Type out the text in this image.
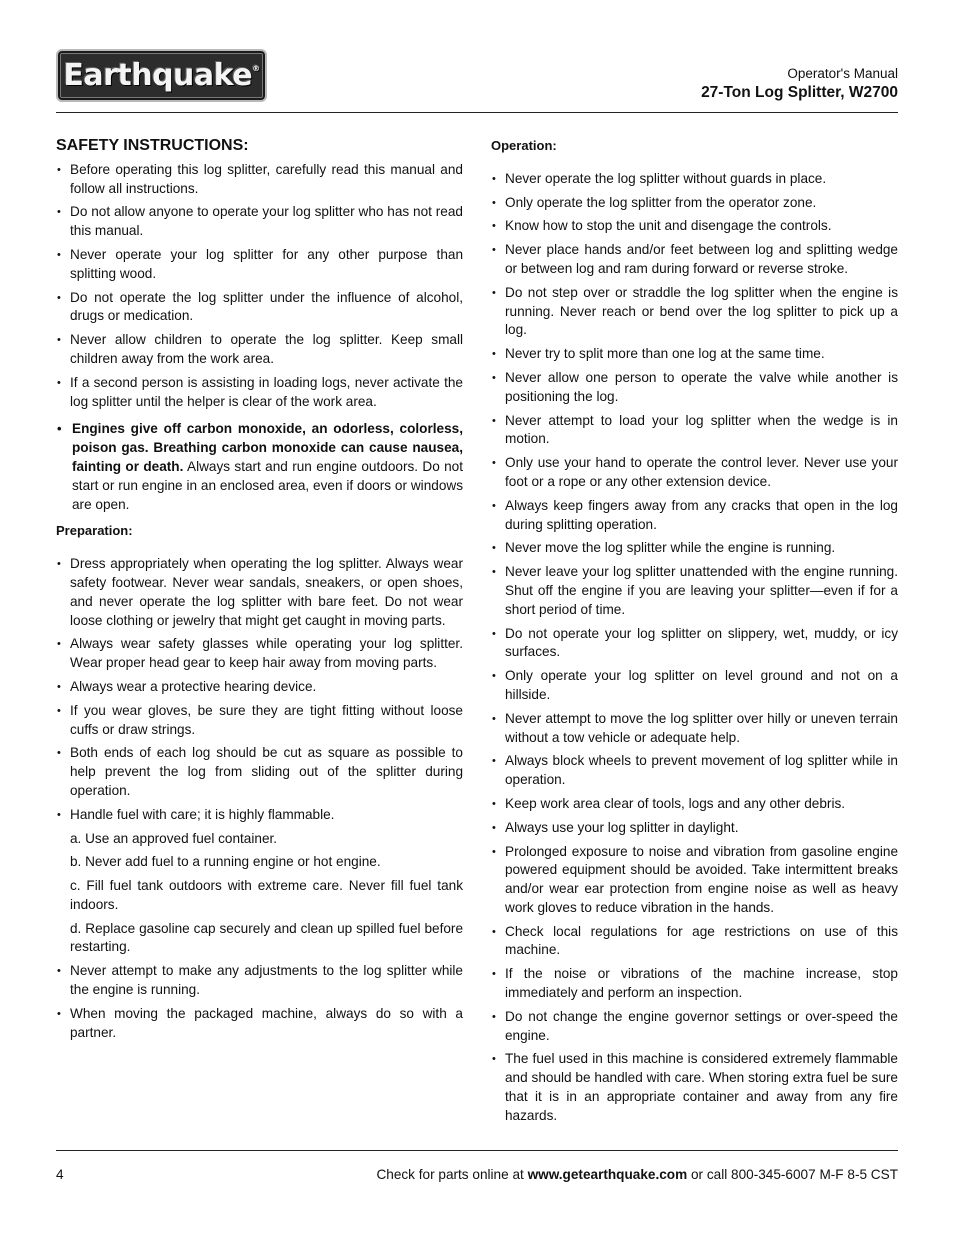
Earthquake®	Operator's Manual
27-Ton Log Splitter, W2700
SAFETY INSTRUCTIONS:
• Before operating this log splitter, carefully read this manual and follow all instructions.
• Do not allow anyone to operate your log splitter who has not read this manual.
• Never operate your log splitter for any other purpose than splitting wood.
• Do not operate the log splitter under the influence of alcohol, drugs or medication.
• Never allow children to operate the log splitter. Keep small children away from the work area.
• If a second person is assisting in loading logs, never activate the log splitter until the helper is clear of the work area.
• Engines give off carbon monoxide, an odorless, colorless, poison gas. Breathing carbon monoxide can cause nausea, fainting or death. Always start and run engine outdoors. Do not start or run engine in an enclosed area, even if doors or windows are open.
Preparation:
• Dress appropriately when operating the log splitter. Always wear safety footwear. Never wear sandals, sneakers, or open shoes, and never operate the log splitter with bare feet. Do not wear loose clothing or jewelry that might get caught in moving parts.
• Always wear safety glasses while operating your log splitter. Wear proper head gear to keep hair away from moving parts.
• Always wear a protective hearing device.
• If you wear gloves, be sure they are tight fitting without loose cuffs or draw strings.
• Both ends of each log should be cut as square as possible to help prevent the log from sliding out of the splitter during operation.
• Handle fuel with care; it is highly flammable.
a. Use an approved fuel container.
b. Never add fuel to a running engine or hot engine.
c. Fill fuel tank outdoors with extreme care. Never fill fuel tank indoors.
d. Replace gasoline cap securely and clean up spilled fuel before restarting.
• Never attempt to make any adjustments to the log splitter while the engine is running.
• When moving the packaged machine, always do so with a partner.
Operation:
• Never operate the log splitter without guards in place.
• Only operate the log splitter from the operator zone.
• Know how to stop the unit and disengage the controls.
• Never place hands and/or feet between log and splitting wedge or between log and ram during forward or reverse stroke.
• Do not step over or straddle the log splitter when the engine is running. Never reach or bend over the log splitter to pick up a log.
• Never try to split more than one log at the same time.
• Never allow one person to operate the valve while another is positioning the log.
• Never attempt to load your log splitter when the wedge is in motion.
• Only use your hand to operate the control lever. Never use your foot or a rope or any other extension device.
• Always keep fingers away from any cracks that open in the log during splitting operation.
• Never move the log splitter while the engine is running.
• Never leave your log splitter unattended with the engine running. Shut off the engine if you are leaving your splitter—even if for a short period of time.
• Do not operate your log splitter on slippery, wet, muddy, or icy surfaces.
• Only operate your log splitter on level ground and not on a hillside.
• Never attempt to move the log splitter over hilly or uneven terrain without a tow vehicle or adequate help.
• Always block wheels to prevent movement of log splitter while in operation.
• Keep work area clear of tools, logs and any other debris.
• Always use your log splitter in daylight.
• Prolonged exposure to noise and vibration from gasoline engine powered equipment should be avoided. Take intermittent breaks and/or wear ear protection from engine noise as well as heavy work gloves to reduce vibration in the hands.
• Check local regulations for age restrictions on use of this machine.
• If the noise or vibrations of the machine increase, stop immediately and perform an inspection.
• Do not change the engine governor settings or over-speed the engine.
• The fuel used in this machine is considered extremely flammable and should be handled with care. When storing extra fuel be sure that it is in an appropriate container and away from any fire hazards.
4	Check for parts online at www.getearthquake.com or call 800-345-6007 M-F 8-5 CST
